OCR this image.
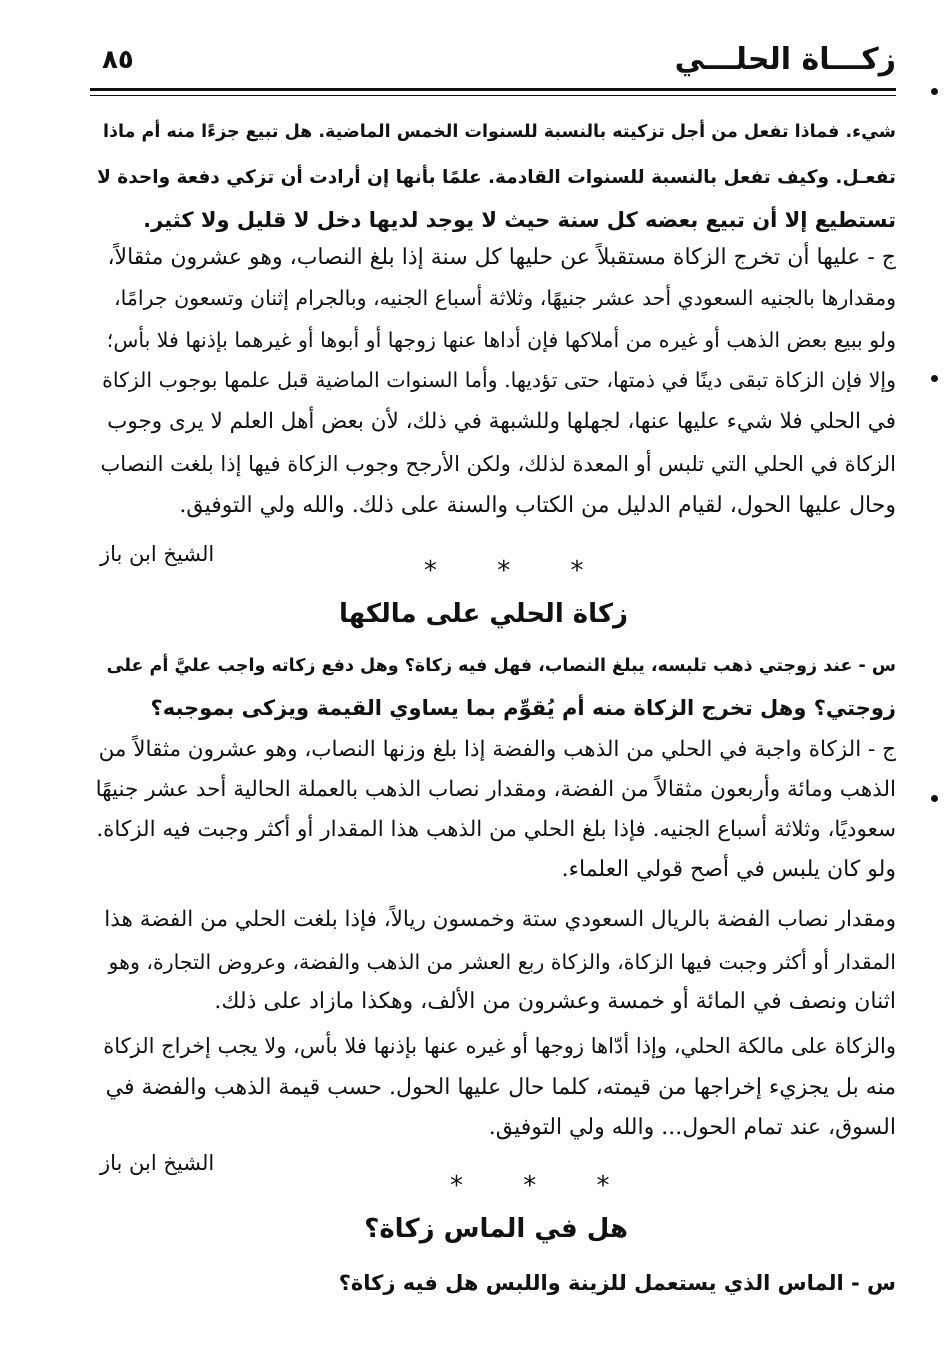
زكـــاة الحلـــي
٨٥
شيء. فماذا تفعل من أجل تزكيته بالنسبة للسنوات الخمس الماضية. هل تبيع جزءًا منه أم ماذا
تفعـل. وكيف تفعل بالنسبة للسنوات القادمة. علمًا بأنها إن أرادت أن تزكي دفعة واحدة لا
تستطيع إلا أن تبيع بعضه كل سنة حيث لا يوجد لديها دخل لا قليل ولا كثير.
ج - عليها أن تخرج الزكاة مستقبلاً عن حليها كل سنة إذا بلغ النصاب، وهو عشرون مثقالاً،
ومقدارها بالجنيه السعودي أحد عشر جنيهًا، وثلاثة أسباع الجنيه، وبالجرام إثنان وتسعون جرامًا،
ولو ببيع بعض الذهب أو غيره من أملاكها فإن أداها عنها زوجها أو أبوها أو غيرهما بإذنها فلا بأس؛
وإلا فإن الزكاة تبقى دينًا في ذمتها، حتى تؤديها. وأما السنوات الماضية قبل علمها بوجوب الزكاة
في الحلي فلا شيء عليها عنها، لجهلها وللشبهة في ذلك، لأن بعض أهل العلم لا يرى وجوب
الزكاة في الحلي التي تلبس أو المعدة لذلك، ولكن الأرجح وجوب الزكاة فيها إذا بلغت النصاب
وحال عليها الحول، لقيام الدليل من الكتاب والسنة على ذلك. والله ولي التوفيق.
الشيخ ابن باز
* * *
زكاة الحلي على مالكها
س - عند زوجتي ذهب تلبسه، يبلغ النصاب، فهل فيه زكاة؟ وهل دفع زكاته واجب عليَّ أم على
زوجتي؟ وهل تخرج الزكاة منه أم يُقوِّم بما يساوي القيمة ويزكى بموجبه؟
ج - الزكاة واجبة في الحلي من الذهب والفضة إذا بلغ وزنها النصاب، وهو عشرون مثقالاً من
الذهب ومائة وأربعون مثقالاً من الفضة، ومقدار نصاب الذهب بالعملة الحالية أحد عشر جنيهًا
سعوديًا، وثلاثة أسباع الجنيه. فإذا بلغ الحلي من الذهب هذا المقدار أو أكثر وجبت فيه الزكاة.
ولو كان يلبس في أصح قولي العلماء.
ومقدار نصاب الفضة بالريال السعودي ستة وخمسون ريالاً، فإذا بلغت الحلي من الفضة هذا
المقدار أو أكثر وجبت فيها الزكاة، والزكاة ربع العشر من الذهب والفضة، وعروض التجارة، وهو
اثنان ونصف في المائة أو خمسة وعشرون من الألف، وهكذا مازاد على ذلك.
والزكاة على مالكة الحلي، وإذا أدّاها زوجها أو غيره عنها بإذنها فلا بأس، ولا يجب إخراج الزكاة
منه بل يجزيء إخراجها من قيمته، كلما حال عليها الحول. حسب قيمة الذهب والفضة في
السوق، عند تمام الحول... والله ولي التوفيق.
الشيخ ابن باز
* * *
هل في الماس زكاة؟
س - الماس الذي يستعمل للزينة واللبس هل فيه زكاة؟
